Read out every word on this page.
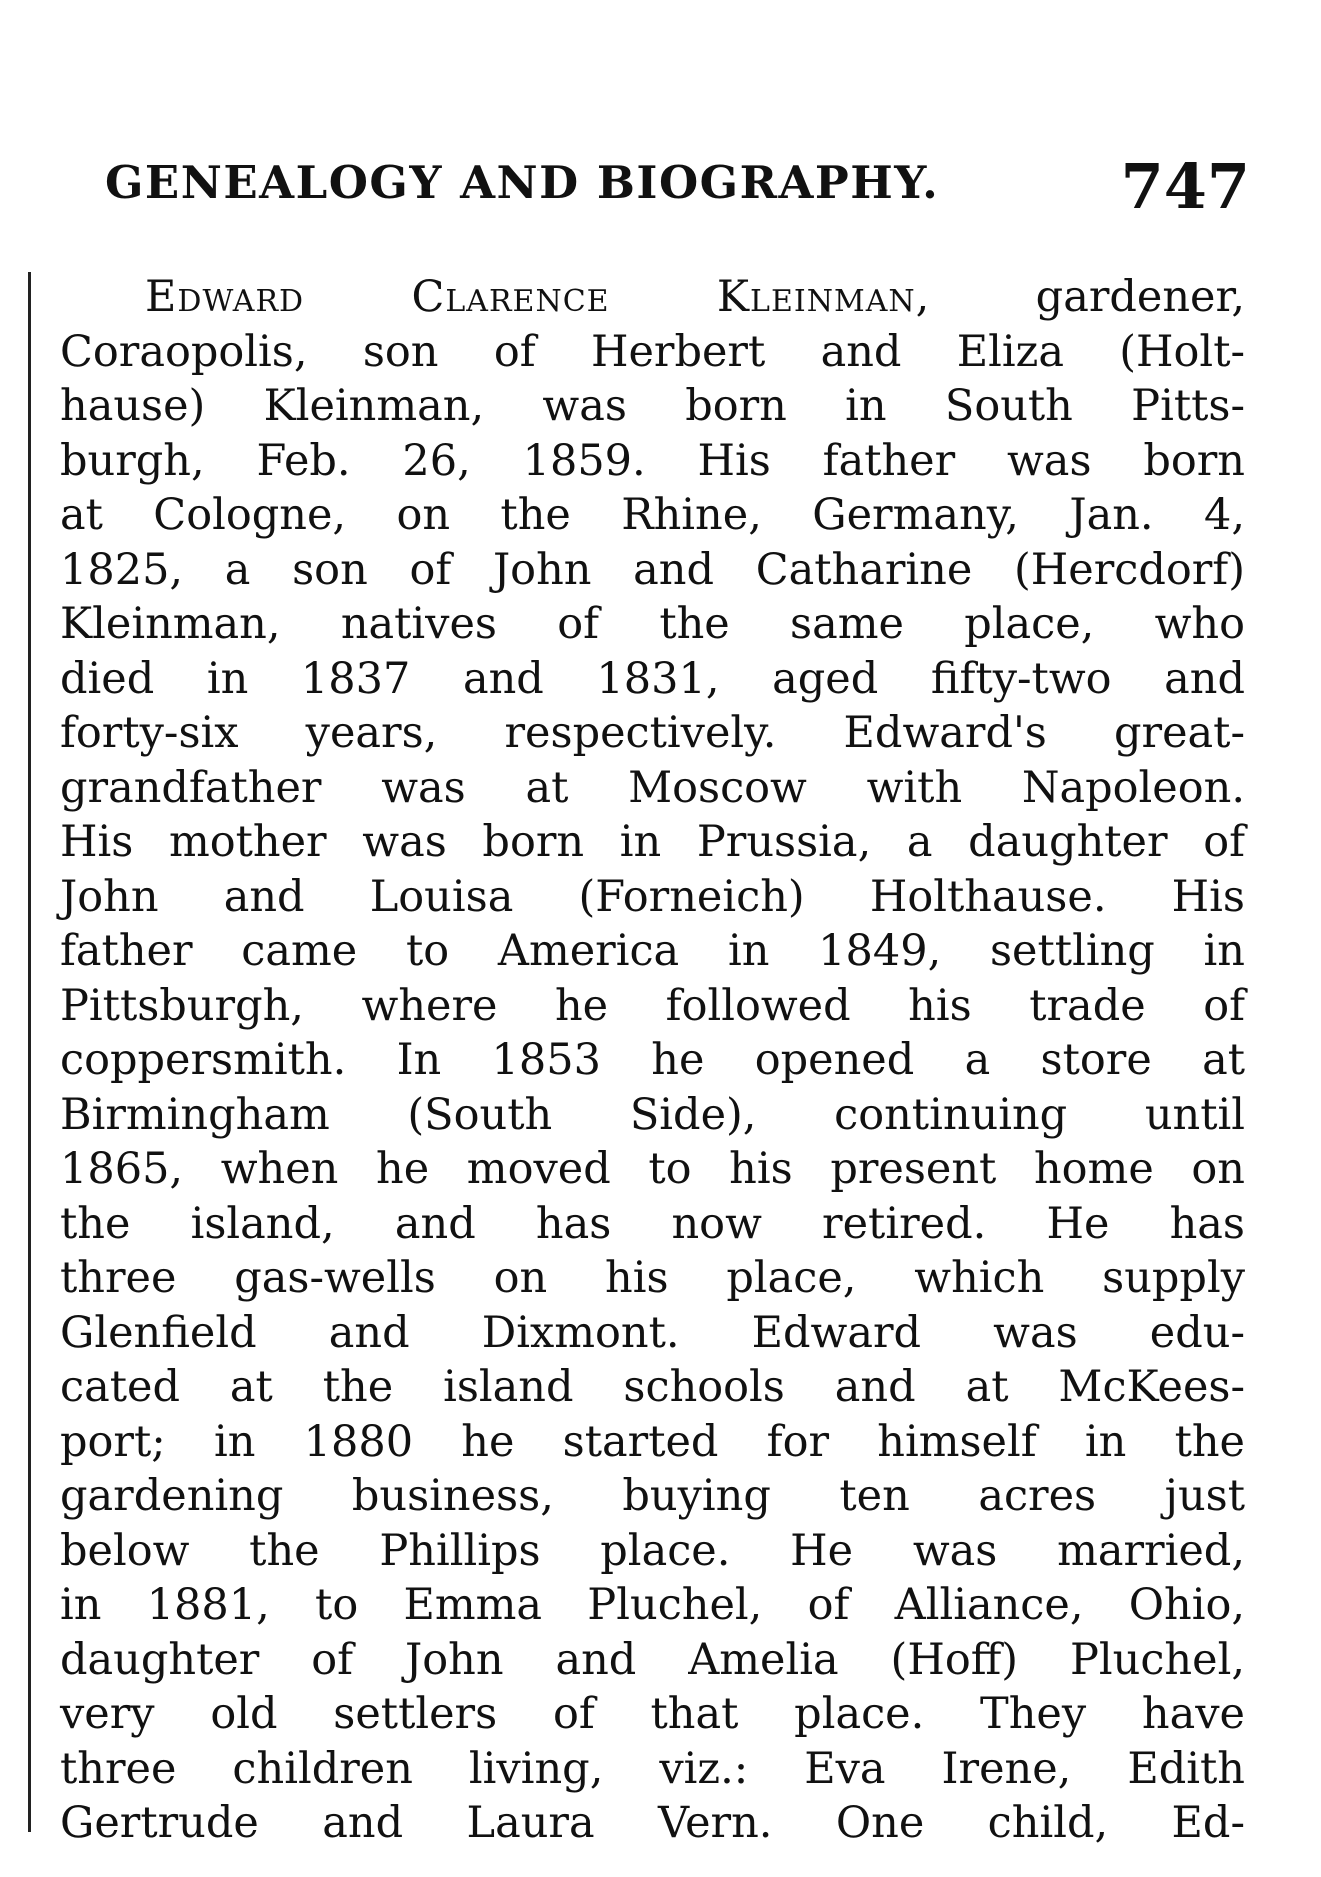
GENEALOGY AND BIOGRAPHY.	747
Edward Clarence Kleinman, gardener,
Coraopolis, son of Herbert and Eliza (Holt-
hause) Kleinman, was born in South Pitts-
burgh, Feb. 26, 1859. His father was born
at Cologne, on the Rhine, Germany, Jan. 4,
1825, a son of John and Catharine (Hercdorf)
Kleinman, natives of the same place, who
died in 1837 and 1831, aged fifty-two and
forty-six years, respectively. Edward's great-
grandfather was at Moscow with Napoleon.
His mother was born in Prussia, a daughter of
John and Louisa (Forneich) Holthause. His
father came to America in 1849, settling in
Pittsburgh, where he followed his trade of
coppersmith. In 1853 he opened a store at
Birmingham (South Side), continuing until
1865, when he moved to his present home on
the island, and has now retired. He has
three gas-wells on his place, which supply
Glenfield and Dixmont. Edward was edu-
cated at the island schools and at McKees-
port; in 1880 he started for himself in the
gardening business, buying ten acres just
below the Phillips place. He was married,
in 1881, to Emma Pluchel, of Alliance, Ohio,
daughter of John and Amelia (Hoff) Pluchel,
very old settlers of that place. They have
three children living, viz.: Eva Irene, Edith
Gertrude and Laura Vern. One child, Ed-
